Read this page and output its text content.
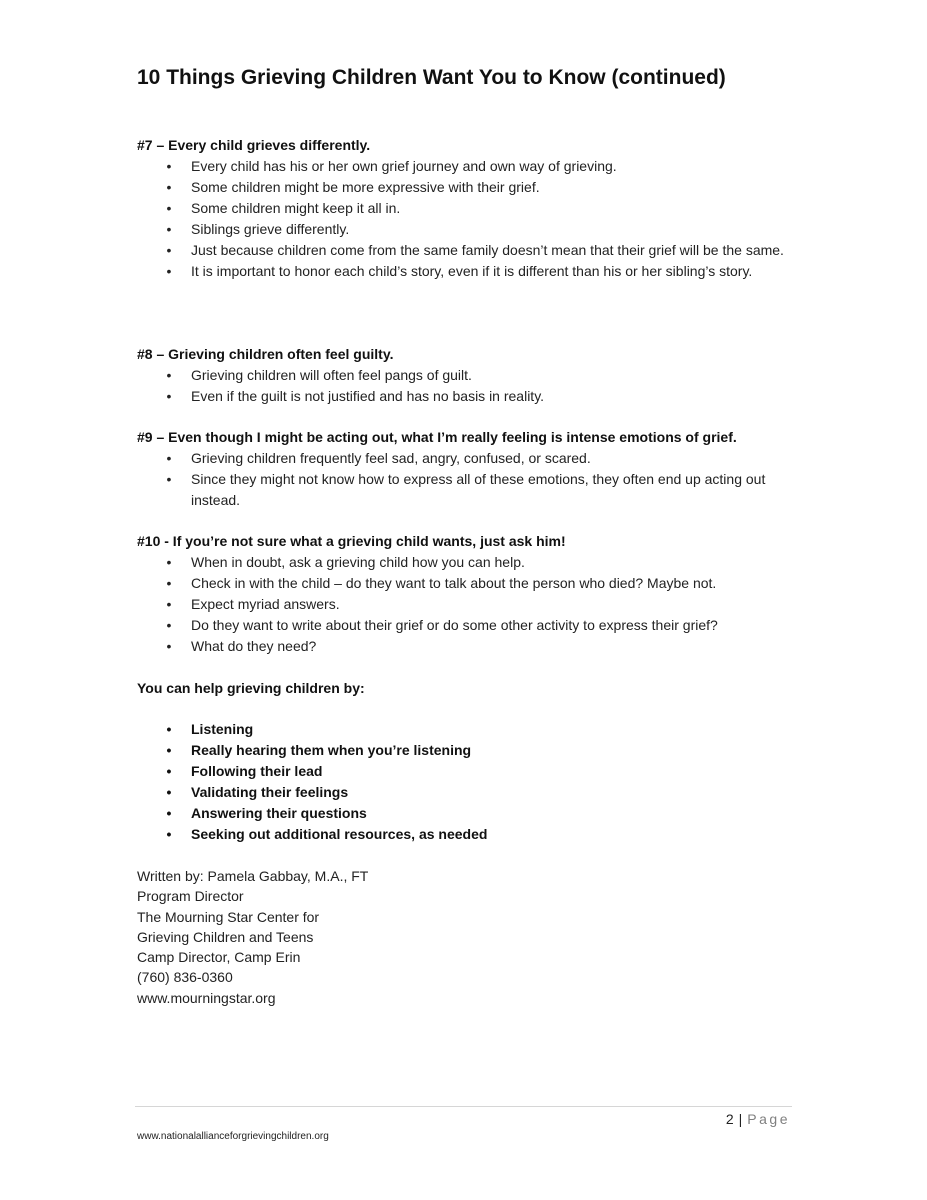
10 Things Grieving Children Want You to Know (continued)
#7 – Every child grieves differently.
• Every child has his or her own grief journey and own way of grieving.
• Some children might be more expressive with their grief.
• Some children might keep it all in.
• Siblings grieve differently.
• Just because children come from the same family doesn’t mean that their grief will be the same.
• It is important to honor each child’s story, even if it is different than his or her sibling’s story.
#8 – Grieving children often feel guilty.
• Grieving children will often feel pangs of guilt.
• Even if the guilt is not justified and has no basis in reality.
#9 – Even though I might be acting out, what I’m really feeling is intense emotions of grief.
• Grieving children frequently feel sad, angry, confused, or scared.
• Since they might not know how to express all of these emotions, they often end up acting out instead.
#10 - If you’re not sure what a grieving child wants, just ask him!
• When in doubt, ask a grieving child how you can help.
• Check in with the child – do they want to talk about the person who died? Maybe not.
• Expect myriad answers.
• Do they want to write about their grief or do some other activity to express their grief?
• What do they need?
You can help grieving children by:
• Listening
• Really hearing them when you’re listening
• Following their lead
• Validating their feelings
• Answering their questions
• Seeking out additional resources, as needed
Written by: Pamela Gabbay, M.A., FT
Program Director
The Mourning Star Center for
Grieving Children and Teens
Camp Director, Camp Erin
(760) 836-0360
www.mourningstar.org
2 | Page
www.nationalallianceforgrievingchildren.org
